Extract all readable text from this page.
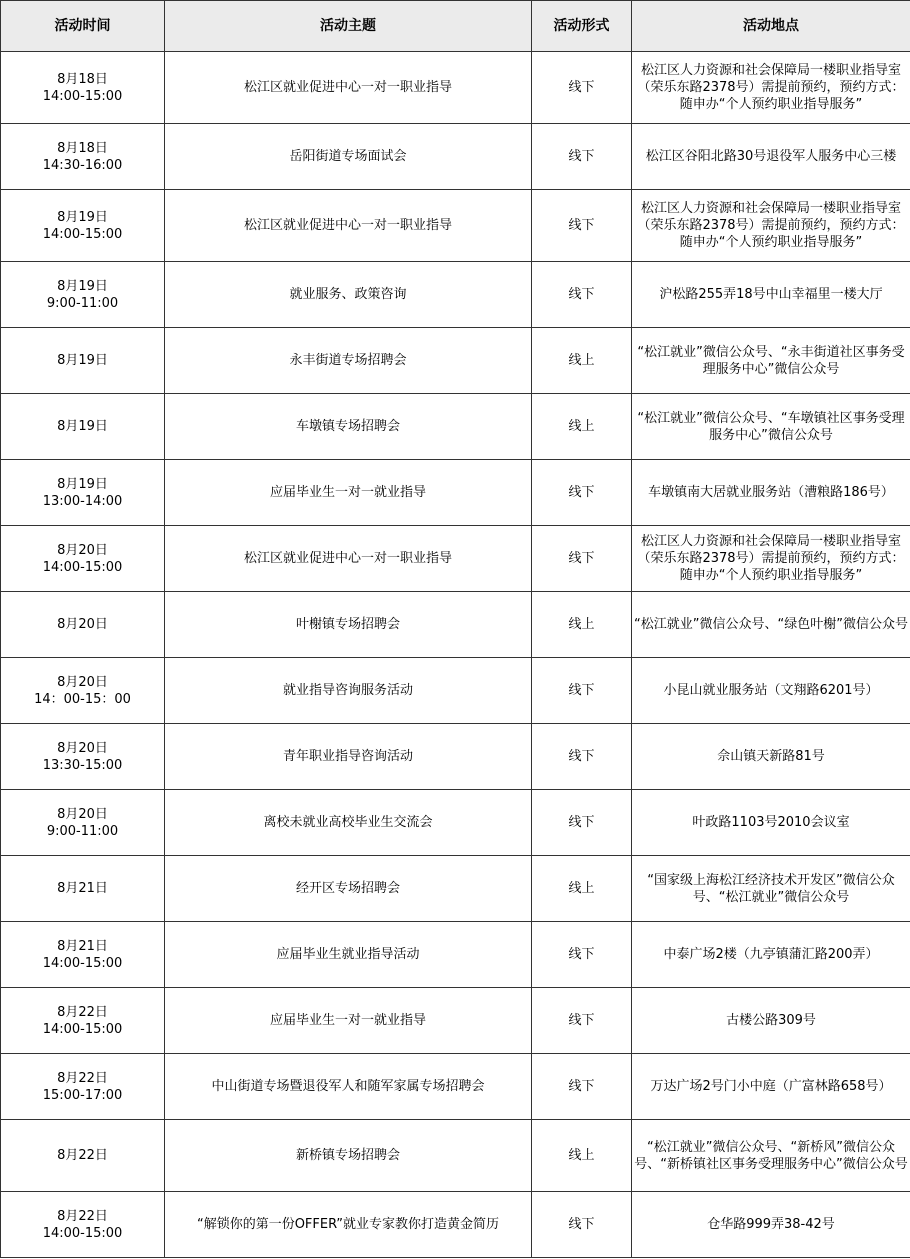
活动时间	活动主题	活动形式	活动地点

8月18日
14:00-15:00	松江区就业促进中心一对一职业指导	线下	松江区人力资源和社会保障局一楼职业指导室（荣乐东路2378号）需提前预约，预约方式：随申办“个人预约职业指导服务”

8月18日
14:30-16:00	岳阳街道专场面试会	线下	松江区谷阳北路30号退役军人服务中心三楼

8月19日
14:00-15:00	松江区就业促进中心一对一职业指导	线下	松江区人力资源和社会保障局一楼职业指导室（荣乐东路2378号）需提前预约，预约方式：随申办“个人预约职业指导服务”

8月19日
9:00-11:00	就业服务、政策咨询	线下	沪松路255弄18号中山幸福里一楼大厅

8月19日	永丰街道专场招聘会	线上	“松江就业”微信公众号、“永丰街道社区事务受理服务中心”微信公众号

8月19日	车墩镇专场招聘会	线上	“松江就业”微信公众号、“车墩镇社区事务受理服务中心”微信公众号

8月19日
13:00-14:00	应届毕业生一对一就业指导	线下	车墩镇南大居就业服务站（漕粮路186号）

8月20日
14:00-15:00	松江区就业促进中心一对一职业指导	线下	松江区人力资源和社会保障局一楼职业指导室（荣乐东路2378号）需提前预约，预约方式：随申办“个人预约职业指导服务”

8月20日	叶榭镇专场招聘会	线上	“松江就业”微信公众号、“绿色叶榭”微信公众号

8月20日
14：00-15：00	就业指导咨询服务活动	线下	小昆山就业服务站（文翔路6201号）

8月20日
13:30-15:00	青年职业指导咨询活动	线下	佘山镇天新路81号

8月20日
9:00-11:00	离校未就业高校毕业生交流会	线下	叶政路1103号2010会议室

8月21日	经开区专场招聘会	线上	“国家级上海松江经济技术开发区”微信公众号、“松江就业”微信公众号

8月21日
14:00-15:00	应届毕业生就业指导活动	线下	中泰广场2楼（九亭镇蒲汇路200弄）

8月22日
14:00-15:00	应届毕业生一对一就业指导	线下	古楼公路309号

8月22日
15:00-17:00	中山街道专场暨退役军人和随军家属专场招聘会	线下	万达广场2号门小中庭（广富林路658号）

8月22日	新桥镇专场招聘会	线上	“松江就业”微信公众号、“新桥风”微信公众号、“新桥镇社区事务受理服务中心”微信公众号

8月22日
14:00-15:00	“解锁你的第一份OFFER”就业专家教你打造黄金简历	线下	仓华路999弄38-42号
